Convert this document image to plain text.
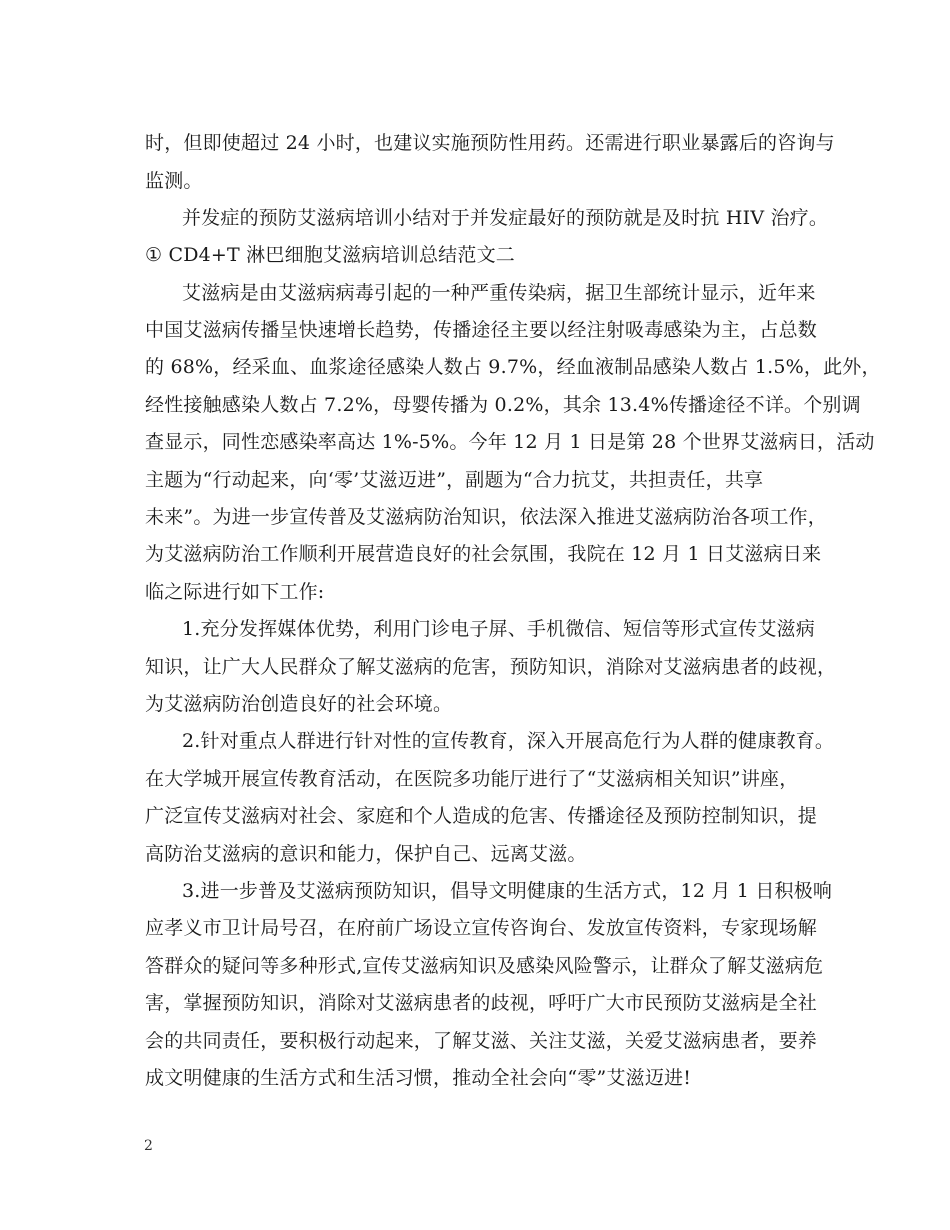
时，但即使超过 24 小时，也建议实施预防性用药。还需进行职业暴露后的咨询与
监测。
并发症的预防艾滋病培训小结对于并发症最好的预防就是及时抗 HIV 治疗。
① CD4+T 淋巴细胞艾滋病培训总结范文二
艾滋病是由艾滋病病毒引起的一种严重传染病，据卫生部统计显示，近年来
中国艾滋病传播呈快速增长趋势，传播途径主要以经注射吸毒感染为主，占总数
的 68%，经采血、血浆途径感染人数占 9.7%，经血液制品感染人数占 1.5%，此外，
经性接触感染人数占 7.2%，母婴传播为 0.2%，其余 13.4%传播途径不详。个别调
查显示，同性恋感染率高达 1%-5%。今年 12 月 1 日是第 28 个世界艾滋病日，活动
主题为“行动起来，向‘零’艾滋迈进”，副题为“合力抗艾，共担责任，共享
未来”。为进一步宣传普及艾滋病防治知识，依法深入推进艾滋病防治各项工作，
为艾滋病防治工作顺利开展营造良好的社会氛围，我院在 12 月 1 日艾滋病日来
临之际进行如下工作:
1.充分发挥媒体优势，利用门诊电子屏、手机微信、短信等形式宣传艾滋病
知识，让广大人民群众了解艾滋病的危害，预防知识，消除对艾滋病患者的歧视，
为艾滋病防治创造良好的社会环境。
2.针对重点人群进行针对性的宣传教育，深入开展高危行为人群的健康教育。
在大学城开展宣传教育活动，在医院多功能厅进行了“艾滋病相关知识”讲座，
广泛宣传艾滋病对社会、家庭和个人造成的危害、传播途径及预防控制知识，提
高防治艾滋病的意识和能力，保护自己、远离艾滋。
3.进一步普及艾滋病预防知识，倡导文明健康的生活方式，12 月 1 日积极响
应孝义市卫计局号召，在府前广场设立宣传咨询台、发放宣传资料，专家现场解
答群众的疑问等多种形式,宣传艾滋病知识及感染风险警示，让群众了解艾滋病危
害，掌握预防知识，消除对艾滋病患者的歧视，呼吁广大市民预防艾滋病是全社
会的共同责任，要积极行动起来，了解艾滋、关注艾滋，关爱艾滋病患者，要养
成文明健康的生活方式和生活习惯，推动全社会向“零”艾滋迈进!
2
